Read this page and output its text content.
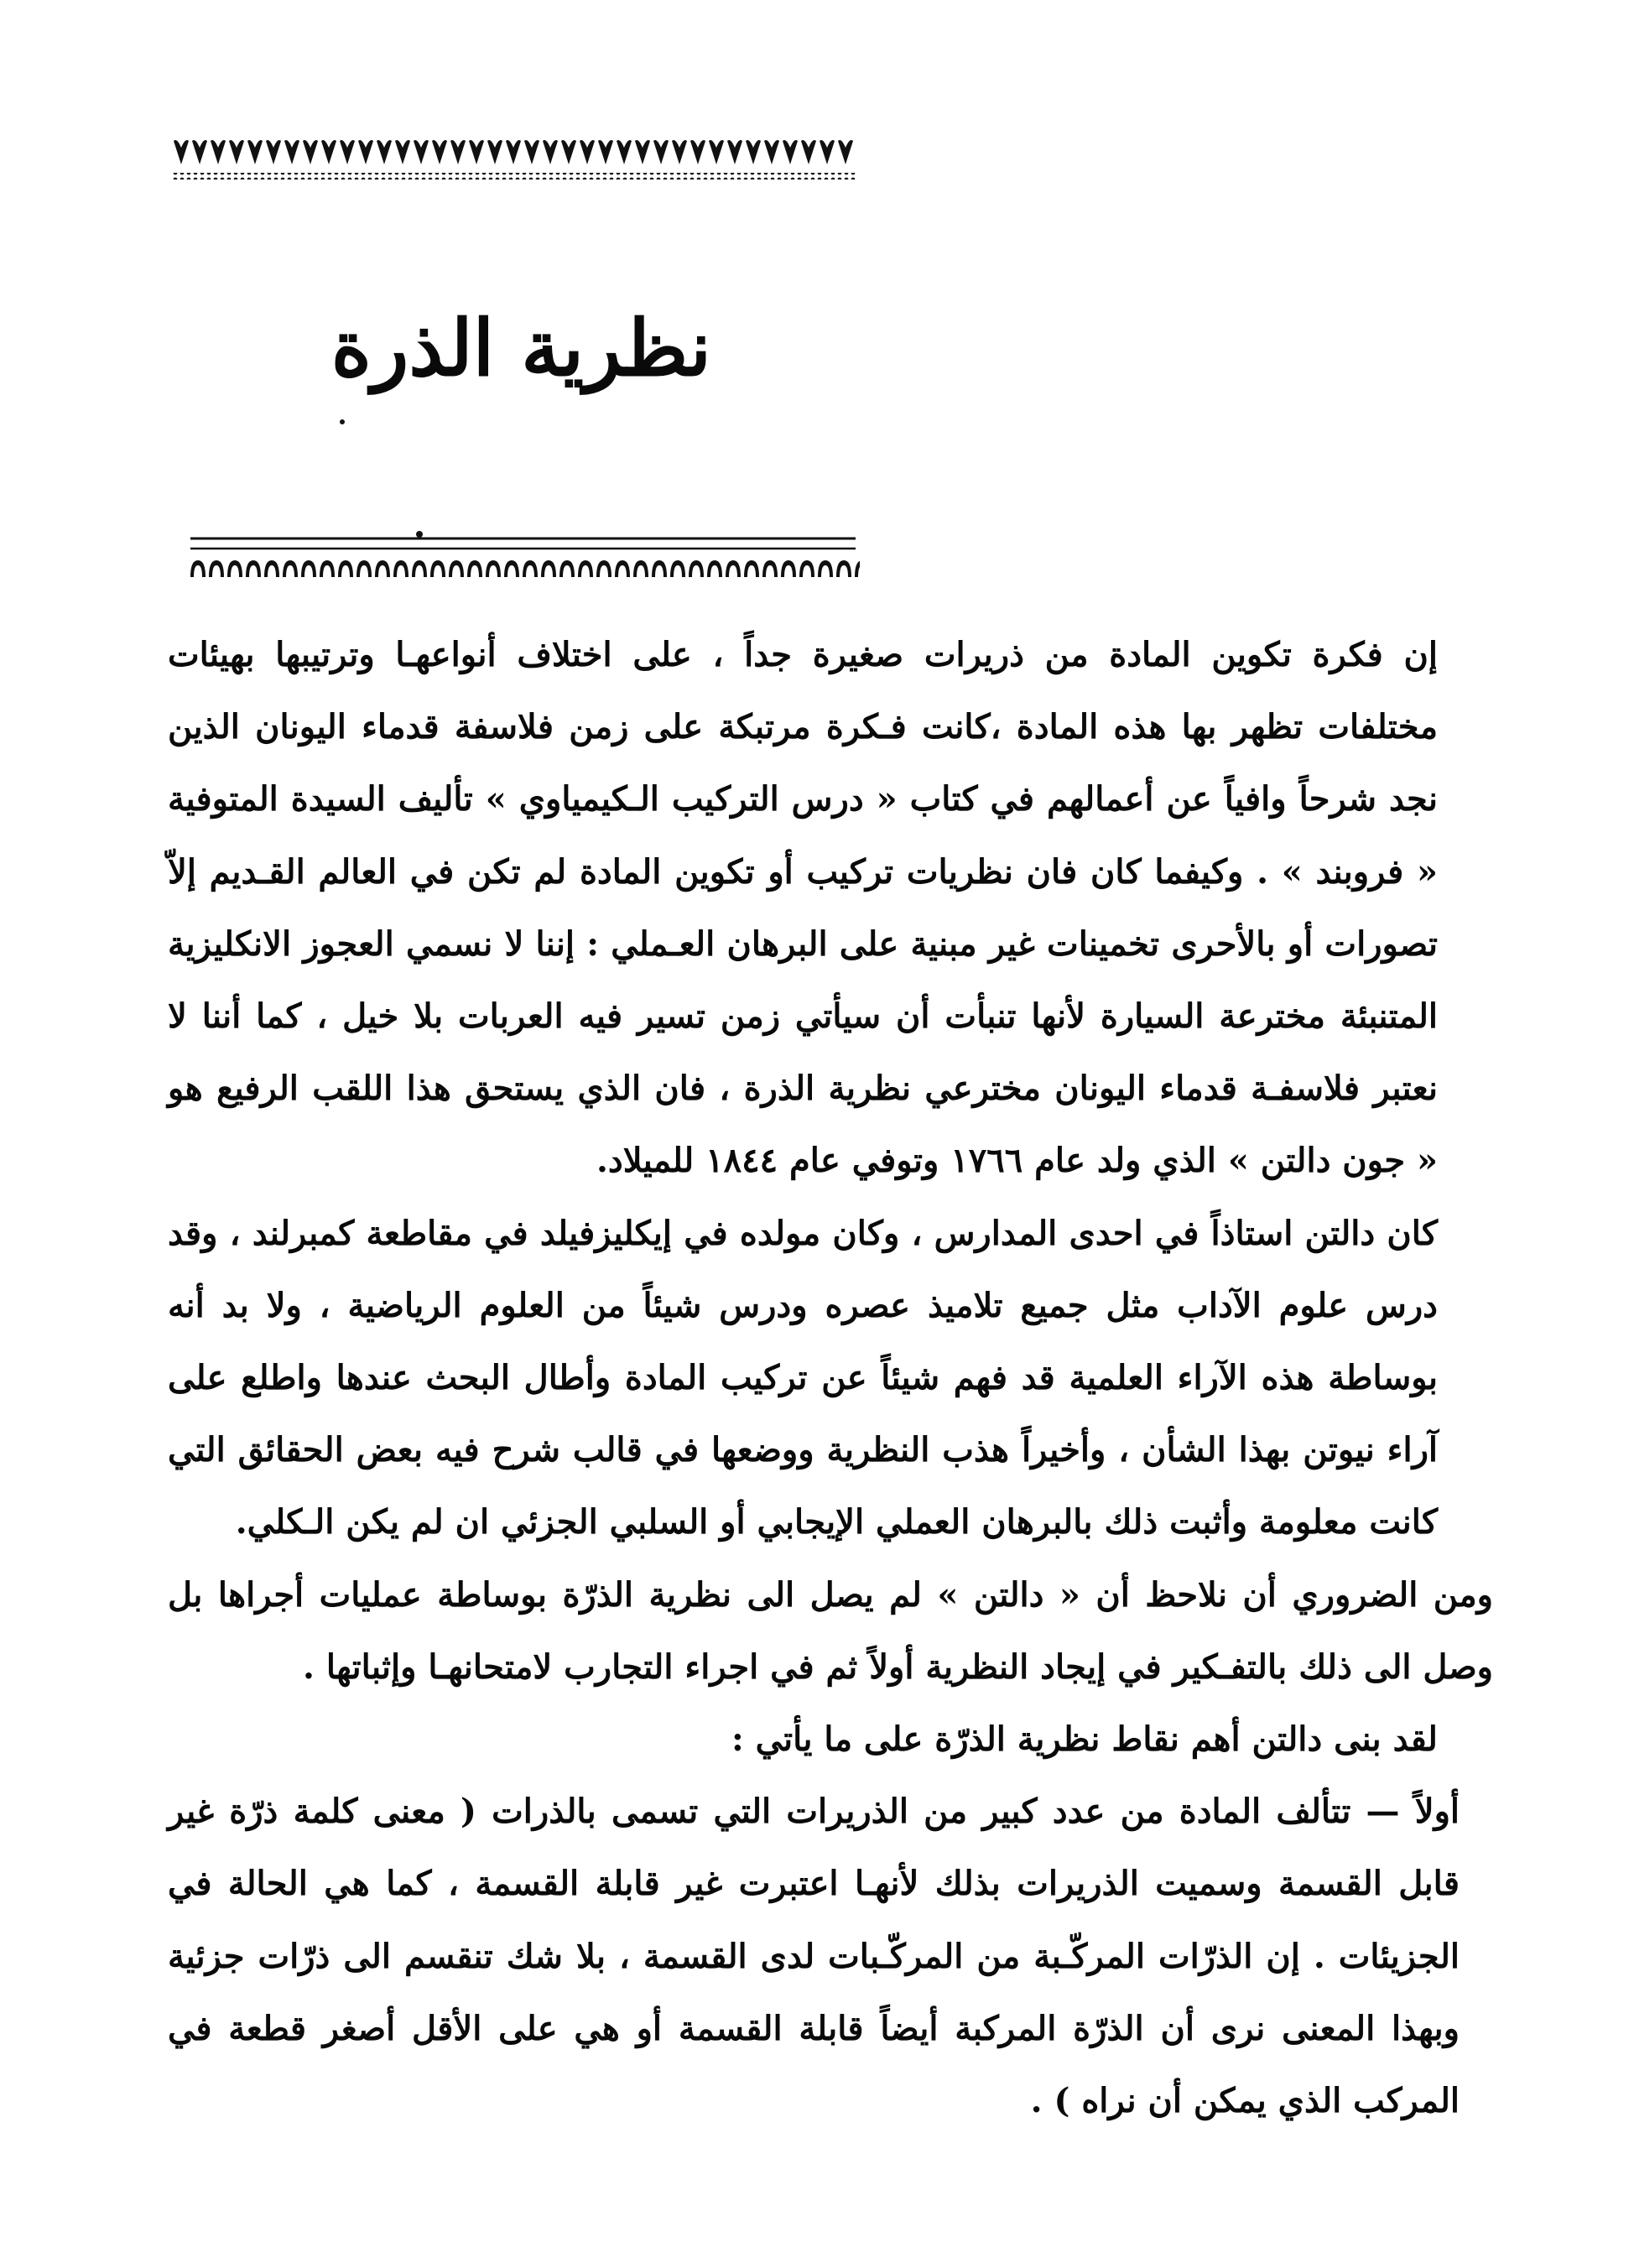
نظرية الذرة

إن فكرة تكوين المادة من ذريرات صغيرة جداً ، على اختلاف أنواعهـا وترتيبها بهيئات مختلفات تظهر بها هذه المادة ،كانت فـكرة مرتبكة على زمن فلاسفة قدماء اليونان الذين نجد شرحاً وافياً عن أعمالهم في كتاب « درس التركيب الـكيمياوي » تأليف السيدة المتوفية « فروبند » . وكيفما كان فان نظريات تركيب أو تكوين المادة لم تكن في العالم القـديم إلاّ تصورات أو بالأحرى تخمينات غير مبنية على البرهان العـملي : إننا لا نسمي العجوز الانكليزية المتنبئة مخترعة السيارة لأنها تنبأت أن سيأتي زمن تسير فيه العربات بلا خيل ، كما أننا لا نعتبر فلاسفـة قدماء اليونان مخترعي نظرية الذرة ، فان الذي يستحق هذا اللقب الرفيع هو « جون دالتن » الذي ولد عام ١٧٦٦ وتوفي عام ١٨٤٤ للميلاد.

كان دالتن استاذاً في احدى المدارس ، وكان مولده في إيكليزفيلد في مقاطعة كمبرلند ، وقد درس علوم الآداب مثل جميع تلاميذ عصره ودرس شيئاً من العلوم الرياضية ، ولا بد أنه بوساطة هذه الآراء العلمية قد فهم شيئاً عن تركيب المادة وأطال البحث عندها واطلع على آراء نيوتن بهذا الشأن ، وأخيراً هذب النظرية ووضعها في قالب شرح فيه بعض الحقائق التي كانت معلومة وأثبت ذلك بالبرهان العملي الإيجابي أو السلبي الجزئي ان لم يكن الـكلي.

ومن الضروري أن نلاحظ أن « دالتن » لم يصل الى نظرية الذرّة بوساطة عمليات أجراها بل وصل الى ذلك بالتفـكير في إيجاد النظرية أولاً ثم في اجراء التجارب لامتحانهـا وإثباتها .

لقد بنى دالتن أهم نقاط نظرية الذرّة على ما يأتي :

أولاً — تتألف المادة من عدد كبير من الذريرات التي تسمى بالذرات ( معنى كلمة ذرّة غير قابل القسمة وسميت الذريرات بذلك لأنهـا اعتبرت غير قابلة القسمة ، كما هي الحالة في الجزيئات . إن الذرّات المركّـبة من المركّـبات لدى القسمة ، بلا شك تنقسم الى ذرّات جزئية وبهذا المعنى نرى أن الذرّة المركبة أيضاً قابلة القسمة أو هي على الأقل أصغر قطعة في المركب الذي يمكن أن نراه ) .
